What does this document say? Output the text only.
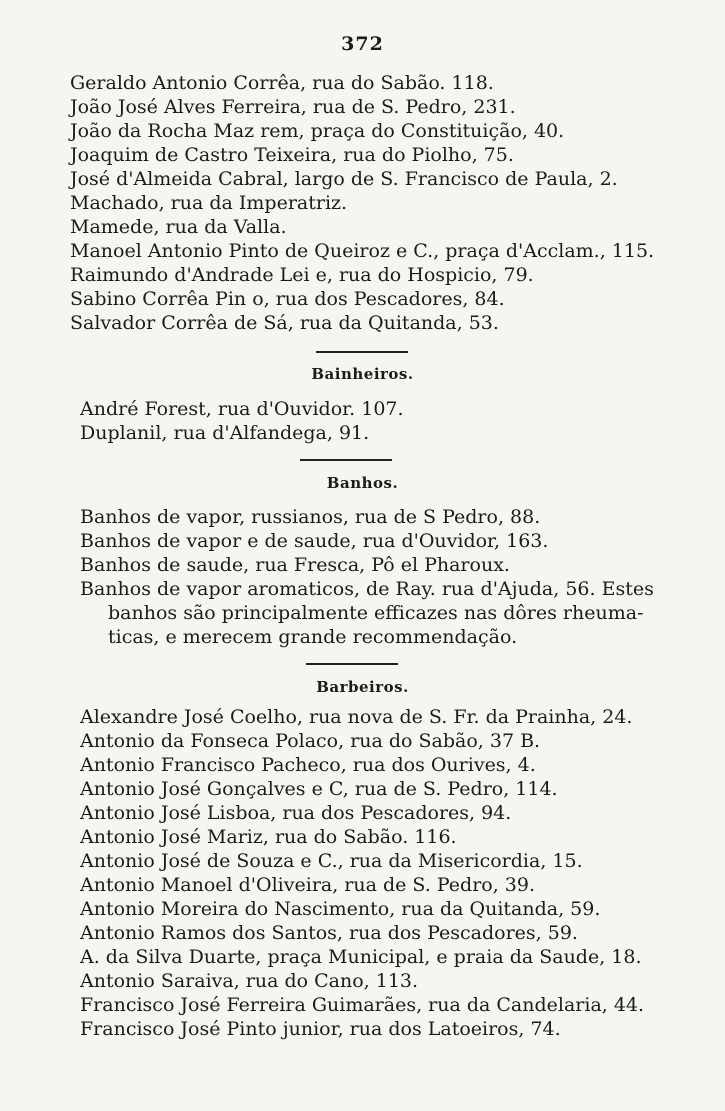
372
Geraldo Antonio Corrêa, rua do Sabão. 118.
João José Alves Ferreira, rua de S. Pedro, 231.
João da Rocha Maz rem, praça do Constituição, 40.
Joaquim de Castro Teixeira, rua do Piolho, 75.
José d'Almeida Cabral, largo de S. Francisco de Paula, 2.
Machado, rua da Imperatriz.
Mamede, rua da Valla.
Manoel Antonio Pinto de Queiroz e C., praça d'Acclam., 115.
Raimundo d'Andrade Lei e, rua do Hospicio, 79.
Sabino Corrêa Pin o, rua dos Pescadores, 84.
Salvador Corrêa de Sá, rua da Quitanda, 53.
Bainheiros.
André Forest, rua d'Ouvidor. 107.
Duplanil, rua d'Alfandega, 91.
Banhos.
Banhos de vapor, russianos, rua de S Pedro, 88.
Banhos de vapor e de saude, rua d'Ouvidor, 163.
Banhos de saude, rua Fresca, Pô el Pharoux.
Banhos de vapor aromaticos, de Ray. rua d'Ajuda, 56. Estes
banhos são principalmente efficazes nas dôres rheuma-
ticas, e merecem grande recommendação.
Barbeiros.
Alexandre José Coelho, rua nova de S. Fr. da Prainha, 24.
Antonio da Fonseca Polaco, rua do Sabão, 37 B.
Antonio Francisco Pacheco, rua dos Ourives, 4.
Antonio José Gonçalves e C, rua de S. Pedro, 114.
Antonio José Lisboa, rua dos Pescadores, 94.
Antonio José Mariz, rua do Sabão. 116.
Antonio José de Souza e C., rua da Misericordia, 15.
Antonio Manoel d'Oliveira, rua de S. Pedro, 39.
Antonio Moreira do Nascimento, rua da Quitanda, 59.
Antonio Ramos dos Santos, rua dos Pescadores, 59.
A. da Silva Duarte, praça Municipal, e praia da Saude, 18.
Antonio Saraiva, rua do Cano, 113.
Francisco José Ferreira Guimarães, rua da Candelaria, 44.
Francisco José Pinto junior, rua dos Latoeiros, 74.
